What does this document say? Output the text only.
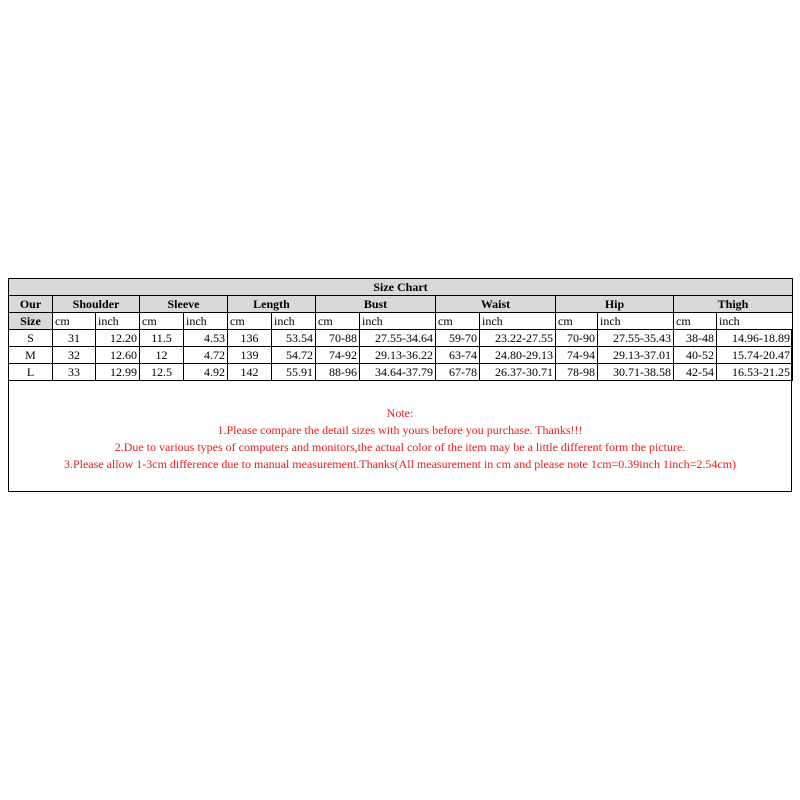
Size Chart														
Our	Shoulder		Sleeve		Length		Bust		Waist		Hip		Thigh	
Size	cm	inch	cm	inch	cm	inch	cm	inch	cm	inch	cm	inch	cm	inch
S	31	12.20	11.5	4.53	136	53.54	70-88	27.55-34.64	59-70	23.22-27.55	70-90	27.55-35.43	38-48	14.96-18.89
M	32	12.60	12	4.72	139	54.72	74-92	29.13-36.22	63-74	24.80-29.13	74-94	29.13-37.01	40-52	15.74-20.47
L	33	12.99	12.5	4.92	142	55.91	88-96	34.64-37.79	67-78	26.37-30.71	78-98	30.71-38.58	42-54	16.53-21.25
Note:
1.Please compare the detail sizes with yours before you purchase. Thanks!!!
2.Due to various types of computers and monitors,the actual color of the item may be a little different form the picture.
3.Please allow 1-3cm difference due to manual measurement.Thanks(All measurement in cm and please note 1cm=0.39inch 1inch=2.54cm)
